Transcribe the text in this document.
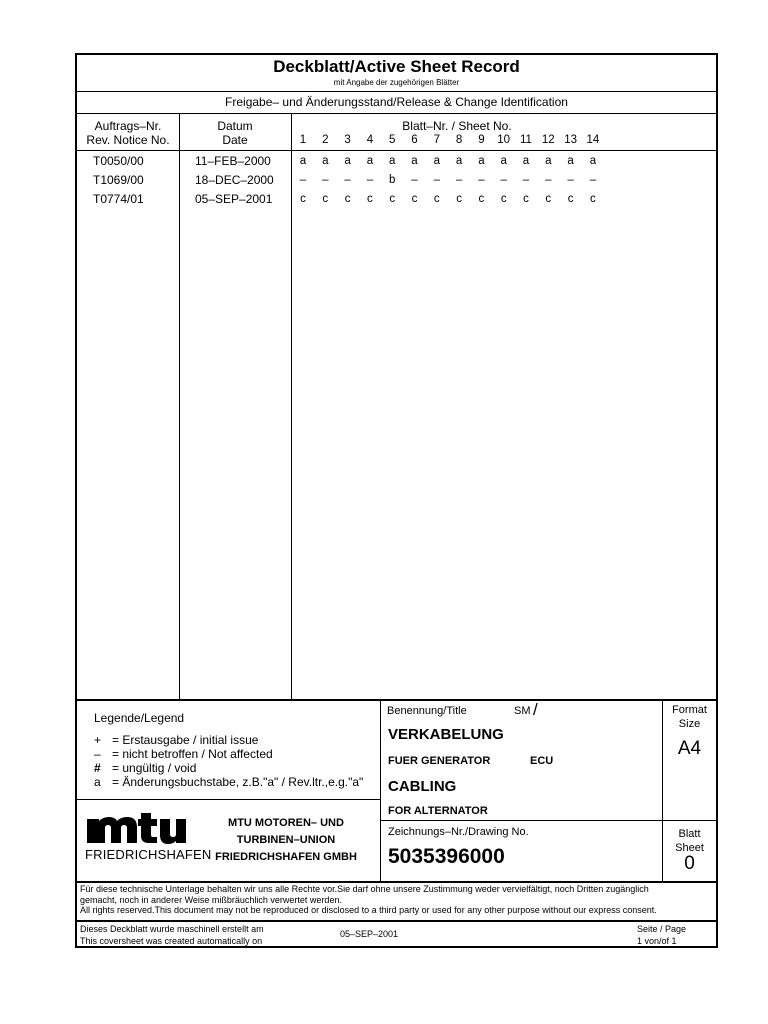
Deckblatt/Active Sheet Record
mit Angabe der zugehörigen Blätter
Freigabe– und Änderungsstand/Release & Change Identification
Auftrags–Nr.
Rev. Notice No.
Datum
Date
Blatt–Nr. / Sheet No.
1	2	3	4	5	6	7	8	9	10 11 12 13 14
T0050/00	11–FEB–2000	a	a	a	a	a	a	a	a	a	a	a	a	a	a
T1069/00	18–DEC–2000	–	–	–	–	b	–	–	–	–	–	–	–	–	–
T0774/01	05–SEP–2001	c	c	c	c	c	c	c	c	c	c	c	c	c	c
Legende/Legend
+ = Erstausgabe / initial issue
– = nicht betroffen / Not affected
# = ungültig / void
a = Änderungsbuchstabe, z.B."a" / Rev.ltr.,e.g."a"
FRIEDRICHSHAFEN
MTU MOTOREN– UND
TURBINEN–UNION
FRIEDRICHSHAFEN GMBH
Benennung/Title	SM /
VERKABELUNG
FUER GENERATOR	ECU
CABLING
FOR ALTERNATOR
Zeichnungs–Nr./Drawing No.
5035396000
Format
Size
A4
Blatt
Sheet
0
Für diese technische Unterlage behalten wir uns alle Rechte vor.Sie darf ohne unsere Zustimmung weder vervielfältigt, noch Dritten zugänglich
gemacht, noch in anderer Weise mißbräuchlich verwertet werden.
All rights reserved.This document may not be reproduced or disclosed to a third party or used for any other purpose without our express consent.
Dieses Deckblatt wurde maschinell erstellt am
This coversheet was created automatically on
05–SEP–2001	Seite / Page
1 von/of 1
